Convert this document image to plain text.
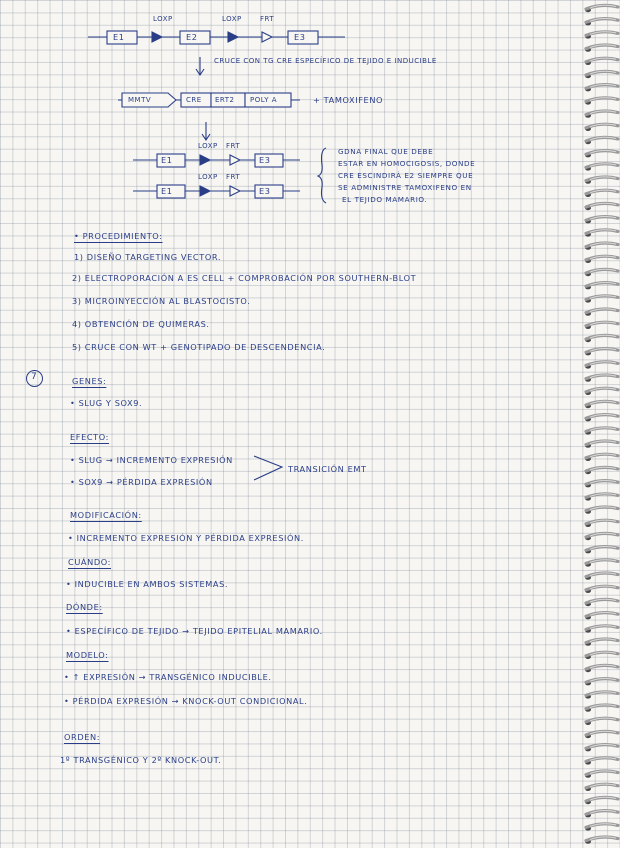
LOXP	LOXP	FRT
E1	E2	E3
CRUCE CON TG CRE ESPECÍFICO DE TEJIDO E INDUCIBLE
MMTV	CRE ERT2 POLY A	+ TAMOXIFENO
LOXP FRT
E1	E3
LOXP FRT
E1	E3
GDNA FINAL QUE DEBE
ESTAR EN HOMOCIGOSIS, DONDE
CRE ESCINDIRÁ E2 SIEMPRE QUE
SE ADMINISTRE TAMOXIFENO EN
EL TEJIDO MAMARIO.
• PROCEDIMIENTO:
1) DISEÑO TARGETING VECTOR.
2) ELECTROPORACIÓN A ES CELL + COMPROBACIÓN POR SOUTHERN-BLOT
3) MICROINYECCIÓN AL BLASTOCISTO.
4) OBTENCIÓN DE QUIMERAS.
5) CRUCE CON WT + GENOTIPADO DE DESCENDENCIA.
7	GENES:
• SLUG Y SOX9.
EFECTO:
• SLUG → INCREMENTO EXPRESIÓN
• SOX9 → PÉRDIDA EXPRESIÓN
TRANSICIÓN EMT
MODIFICACIÓN:
• INCREMENTO EXPRESIÓN Y PÉRDIDA EXPRESIÓN.
CUÁNDO:
• INDUCIBLE EN AMBOS SISTEMAS.
DÓNDE:
• ESPECÍFICO DE TEJIDO → TEJIDO EPITELIAL MAMARIO.
MODELO:
• ↑ EXPRESIÓN → TRANSGÉNICO INDUCIBLE.
• PÉRDIDA EXPRESIÓN → KNOCK-OUT CONDICIONAL.
ORDEN:
1º TRANSGÉNICO Y 2º KNOCK-OUT.
